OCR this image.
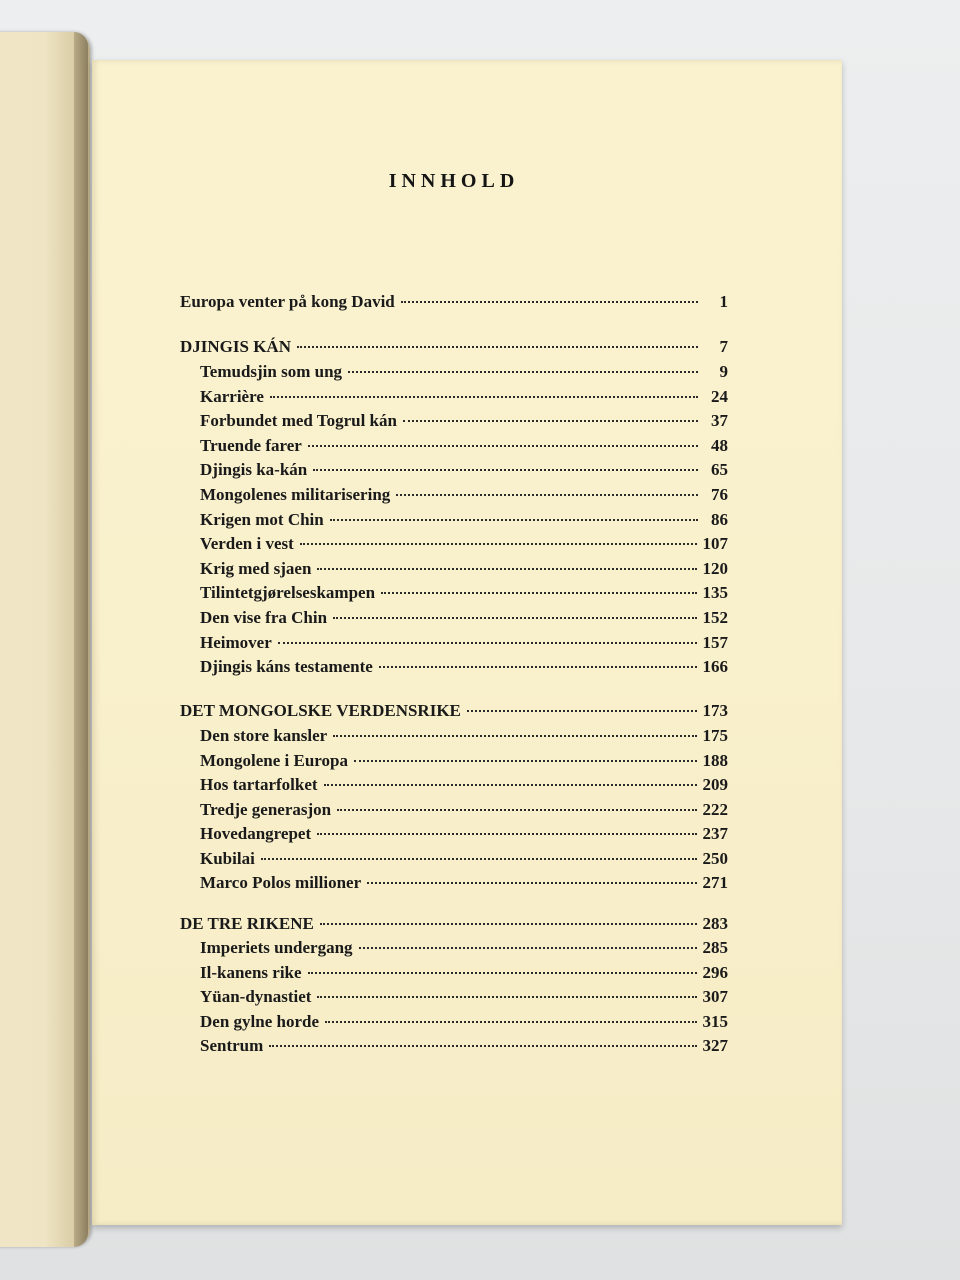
INNHOLD
Europa venter på kong David	1
DJINGIS KÁN	7
Temudsjin som ung	9
Karrière	24
Forbundet med Togrul kán	37
Truende farer	48
Djingis ka-kán	65
Mongolenes militarisering	76
Krigen mot Chin	86
Verden i vest	107
Krig med sjaen	120
Tilintetgjørelseskampen	135
Den vise fra Chin	152
Heimover	157
Djingis káns testamente	166
DET MONGOLSKE VERDENSRIKE	173
Den store kansler	175
Mongolene i Europa	188
Hos tartarfolket	209
Tredje generasjon	222
Hovedangrepet	237
Kubilai	250
Marco Polos millioner	271
DE TRE RIKENE	283
Imperiets undergang	285
Il-kanens rike	296
Yüan-dynastiet	307
Den gylne horde	315
Sentrum	327
